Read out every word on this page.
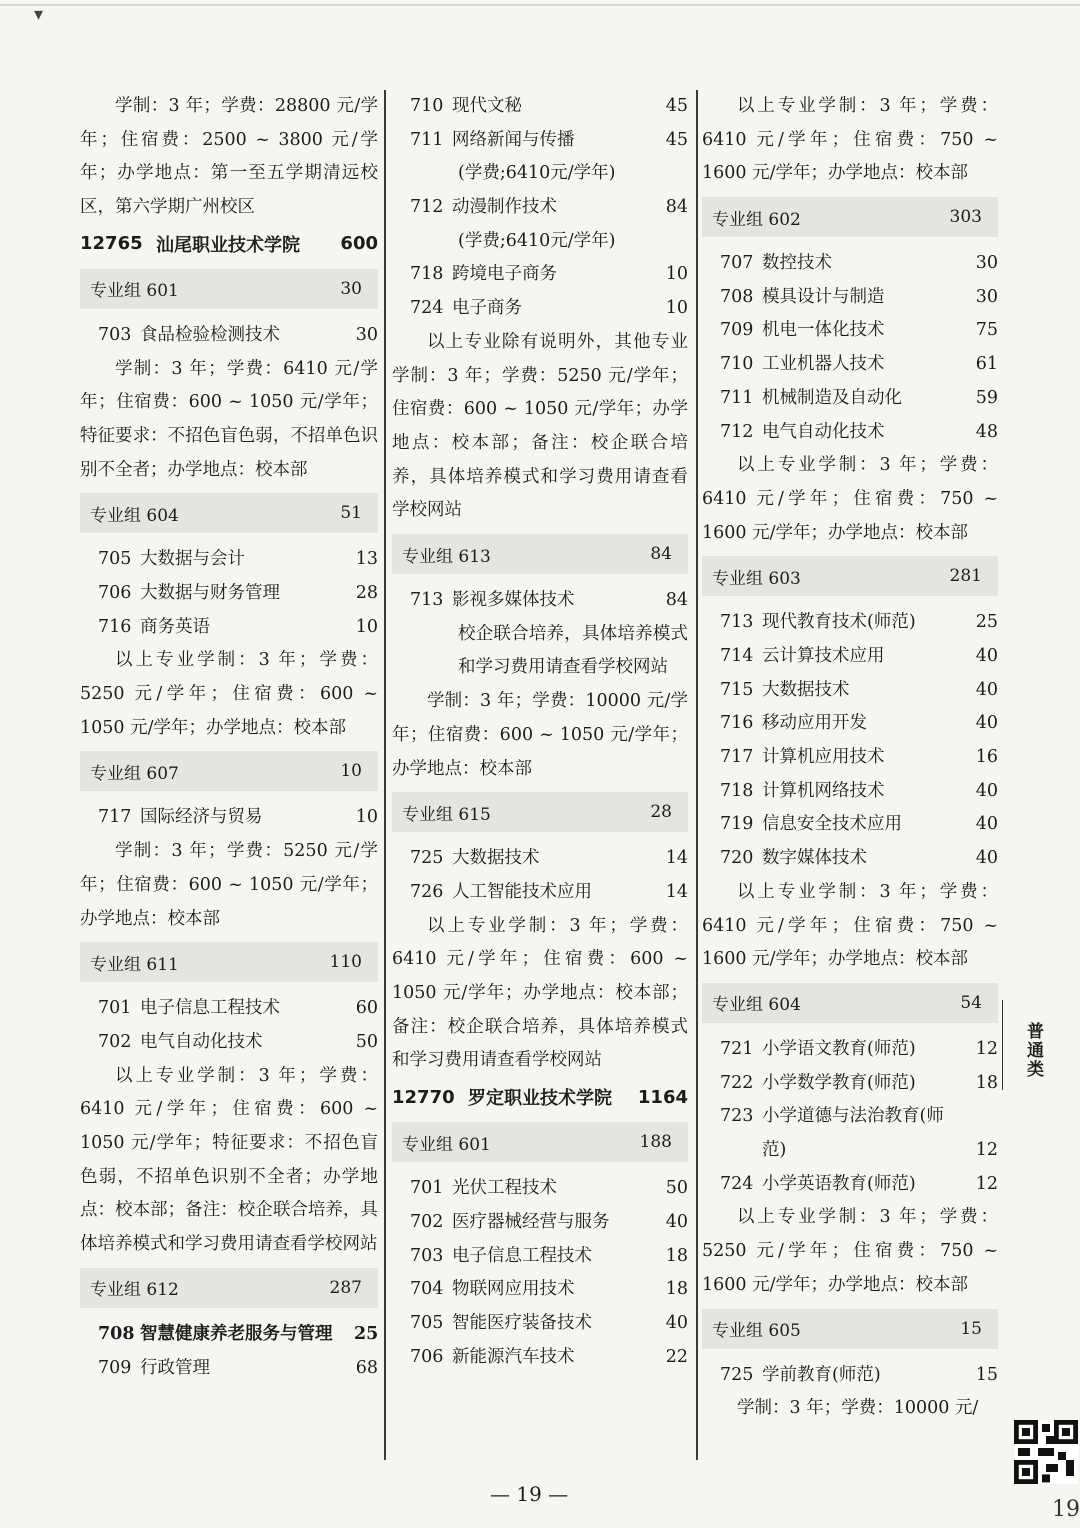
▾
学制：3 年；学费：28800 元/学年；住宿费：2500 ~ 3800 元/学年；办学地点：第一至五学期清远校区，第六学期广州校区
12765 汕尾职业技术学院	600
专业组 601	30
703 食品检验检测技术	30
学制：3 年；学费：6410 元/学年；住宿费：600 ~ 1050 元/学年；特征要求：不招色盲色弱，不招单色识别不全者；办学地点：校本部
专业组 604	51
705 大数据与会计	13
706 大数据与财务管理	28
716 商务英语	10
以上专业学制：3 年；学费：5250 元/学年；住宿费：600 ~ 1050 元/学年；办学地点：校本部
专业组 607	10
717 国际经济与贸易	10
学制：3 年；学费：5250 元/学年；住宿费：600 ~ 1050 元/学年；办学地点：校本部
专业组 611	110
701 电子信息工程技术	60
702 电气自动化技术	50
以上专业学制：3 年；学费：6410 元/学年；住宿费：600 ~ 1050 元/学年；特征要求：不招色盲色弱，不招单色识别不全者；办学地点：校本部；备注：校企联合培养，具体培养模式和学习费用请查看学校网站
专业组 612	287
708 智慧健康养老服务与管理	25
709 行政管理	68
710 现代文秘	45
711 网络新闻与传播	45
(学费;6410元/学年)
712 动漫制作技术	84
(学费;6410元/学年)
718 跨境电子商务	10
724 电子商务	10
以上专业除有说明外，其他专业学制：3 年；学费：5250 元/学年；住宿费：600 ~ 1050 元/学年；办学地点：校本部；备注：校企联合培养，具体培养模式和学习费用请查看学校网站
专业组 613	84
713 影视多媒体技术	84
校企联合培养，具体培养模式和学习费用请查看学校网站
学制：3 年；学费：10000 元/学年；住宿费：600 ~ 1050 元/学年；办学地点：校本部
专业组 615	28
725 大数据技术	14
726 人工智能技术应用	14
以上专业学制：3 年；学费：6410 元/学年；住宿费：600 ~ 1050 元/学年；办学地点：校本部；备注：校企联合培养，具体培养模式和学习费用请查看学校网站
12770 罗定职业技术学院	1164
专业组 601	188
701 光伏工程技术	50
702 医疗器械经营与服务	40
703 电子信息工程技术	18
704 物联网应用技术	18
705 智能医疗装备技术	40
706 新能源汽车技术	22
以上专业学制：3 年；学费：6410 元/学年；住宿费：750 ~ 1600 元/学年；办学地点：校本部
专业组 602	303
707 数控技术	30
708 模具设计与制造	30
709 机电一体化技术	75
710 工业机器人技术	61
711 机械制造及自动化	59
712 电气自动化技术	48
以上专业学制：3 年；学费：6410 元/学年；住宿费：750 ~ 1600 元/学年；办学地点：校本部
专业组 603	281
713 现代教育技术(师范)	25
714 云计算技术应用	40
715 大数据技术	40
716 移动应用开发	40
717 计算机应用技术	16
718 计算机网络技术	40
719 信息安全技术应用	40
720 数字媒体技术	40
以上专业学制：3 年；学费：6410 元/学年；住宿费：750 ~ 1600 元/学年；办学地点：校本部
专业组 604	54
721 小学语文教育(师范)	12
722 小学数学教育(师范)	18
723 小学道德与法治教育(师范)	12
724 小学英语教育(师范)	12
以上专业学制：3 年；学费：5250 元/学年；住宿费：750 ~ 1600 元/学年；办学地点：校本部
专业组 605	15
725 学前教育(师范)	15
学制：3 年；学费：10000 元/
普通类
— 19 —
19
